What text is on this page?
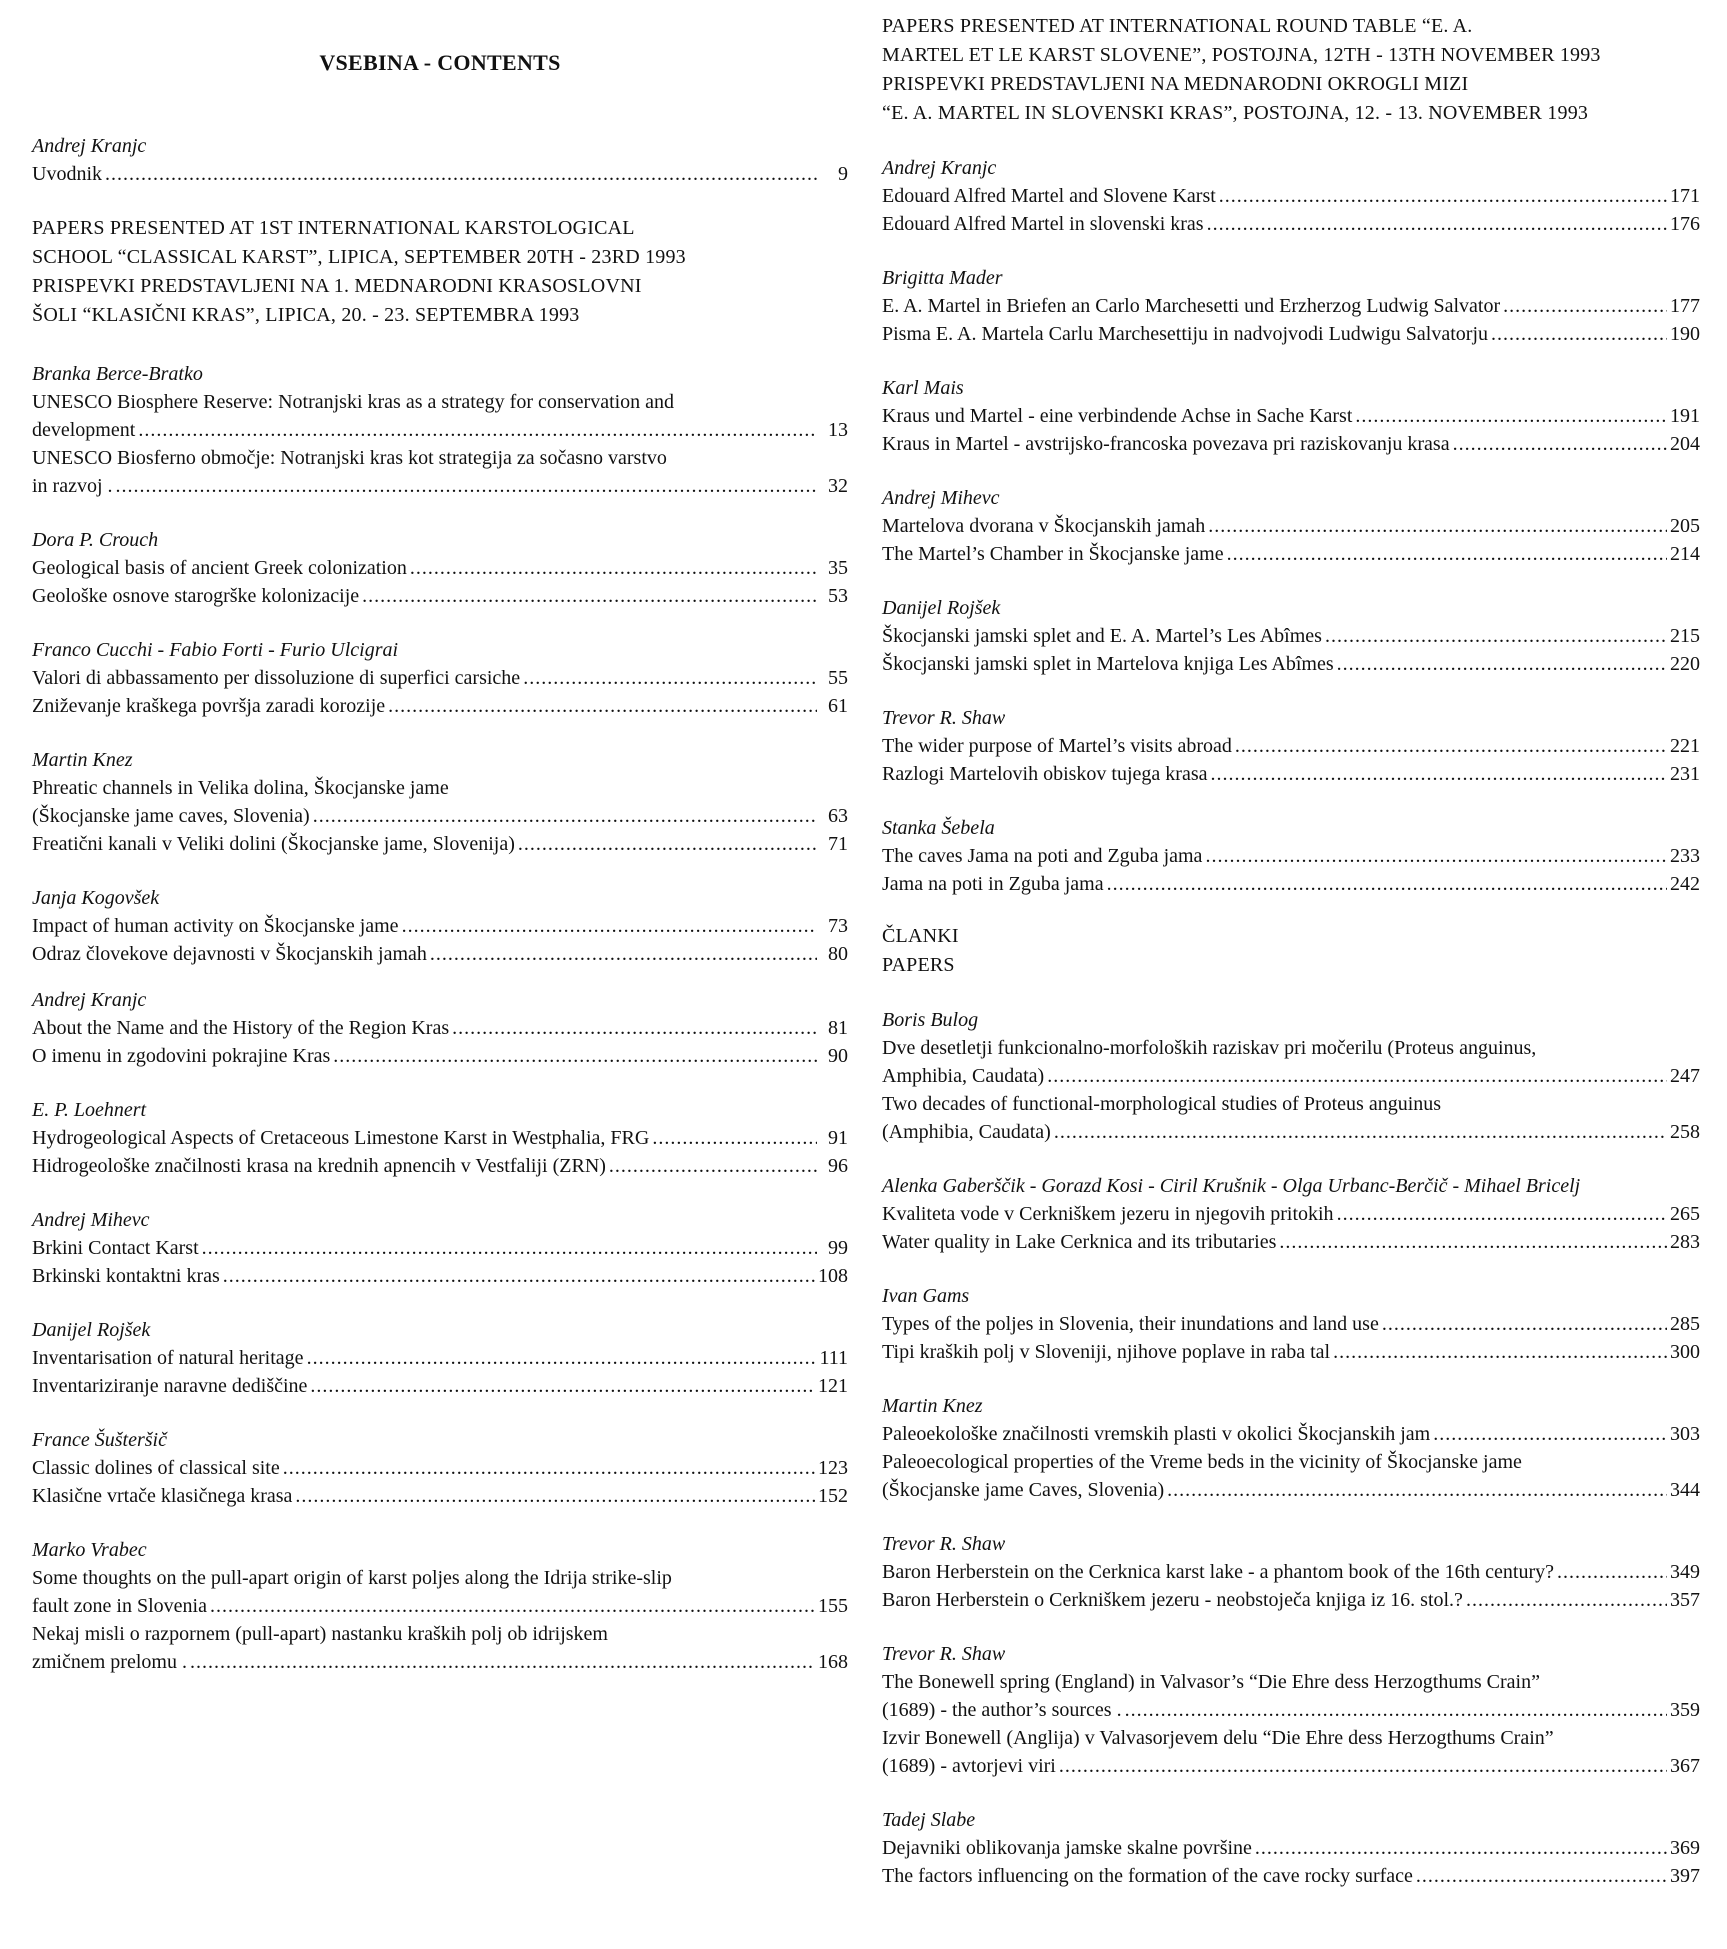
VSEBINA - CONTENTS
Andrej Kranjc
Uvodnik .....	9
PAPERS PRESENTED AT 1ST INTERNATIONAL KARSTOLOGICAL
SCHOOL “CLASSICAL KARST”, LIPICA, SEPTEMBER 20TH - 23RD 1993
PRISPEVKI PREDSTAVLJENI NA 1. MEDNARODNI KRASOSLOVNI
ŠOLI “KLASIČNI KRAS”, LIPICA, 20. - 23. SEPTEMBRA 1993
Branka Berce-Bratko
UNESCO Biosphere Reserve: Notranjski kras as a strategy for conservation and
development .....	13
UNESCO Biosferno območje: Notranjski kras kot strategija za sočasno varstvo
in razvoj . .....	32
Dora P. Crouch
Geological basis of ancient Greek colonization .....	35
Geološke osnove starogrške kolonizacije .....	53
Franco Cucchi - Fabio Forti - Furio Ulcigrai
Valori di abbassamento per dissoluzione di superfici carsiche .....	55
Zniževanje kraškega površja zaradi korozije .....	61
Martin Knez
Phreatic channels in Velika dolina, Škocjanske jame
(Škocjanske jame caves, Slovenia) .....	63
Freatični kanali v Veliki dolini (Škocjanske jame, Slovenija) .....	71
Janja Kogovšek
Impact of human activity on Škocjanske jame .....	73
Odraz človekove dejavnosti v Škocjanskih jamah .....	80
Andrej Kranjc
About the Name and the History of the Region Kras .....	81
O imenu in zgodovini pokrajine Kras .....	90
E. P. Loehnert
Hydrogeological Aspects of Cretaceous Limestone Karst in Westphalia, FRG .....	91
Hidrogeološke značilnosti krasa na krednih apnencih v Vestfaliji (ZRN) .....	96
Andrej Mihevc
Brkini Contact Karst .....	99
Brkinski kontaktni kras .....	108
Danijel Rojšek
Inventarisation of natural heritage .....	111
Inventariziranje naravne dediščine .....	121
France Šušteršič
Classic dolines of classical site .....	123
Klasične vrtače klasičnega krasa .....	152
Marko Vrabec
Some thoughts on the pull-apart origin of karst poljes along the Idrija strike-slip
fault zone in Slovenia .....	155
Nekaj misli o razpornem (pull-apart) nastanku kraških polj ob idrijskem
zmičnem prelomu . .....	168
PAPERS PRESENTED AT INTERNATIONAL ROUND TABLE “E. A.
MARTEL ET LE KARST SLOVENE”, POSTOJNA, 12TH - 13TH NOVEMBER 1993
PRISPEVKI PREDSTAVLJENI NA MEDNARODNI OKROGLI MIZI
“E. A. MARTEL IN SLOVENSKI KRAS”, POSTOJNA, 12. - 13. NOVEMBER 1993
Andrej Kranjc
Edouard Alfred Martel and Slovene Karst .....	171
Edouard Alfred Martel in slovenski kras .....	176
Brigitta Mader
E. A. Martel in Briefen an Carlo Marchesetti und Erzherzog Ludwig Salvator .....	177
Pisma E. A. Martela Carlu Marchesettiju in nadvojvodi Ludwigu Salvatorju .....	190
Karl Mais
Kraus und Martel - eine verbindende Achse in Sache Karst .....	191
Kraus in Martel - avstrijsko-francoska povezava pri raziskovanju krasa .....	204
Andrej Mihevc
Martelova dvorana v Škocjanskih jamah .....	205
The Martel’s Chamber in Škocjanske jame .....	214
Danijel Rojšek
Škocjanski jamski splet and E. A. Martel’s Les Abîmes .....	215
Škocjanski jamski splet in Martelova knjiga Les Abîmes .....	220
Trevor R. Shaw
The wider purpose of Martel’s visits abroad .....	221
Razlogi Martelovih obiskov tujega krasa .....	231
Stanka Šebela
The caves Jama na poti and Zguba jama .....	233
Jama na poti in Zguba jama .....	242
ČLANKI
PAPERS
Boris Bulog
Dve desetletji funkcionalno-morfoloških raziskav pri močerilu (Proteus anguinus,
Amphibia, Caudata) .....	247
Two decades of functional-morphological studies of Proteus anguinus
(Amphibia, Caudata) .....	258
Alenka Gaberščik - Gorazd Kosi - Ciril Krušnik - Olga Urbanc-Berčič - Mihael Bricelj
Kvaliteta vode v Cerkniškem jezeru in njegovih pritokih .....	265
Water quality in Lake Cerknica and its tributaries .....	283
Ivan Gams
Types of the poljes in Slovenia, their inundations and land use .....	285
Tipi kraških polj v Sloveniji, njihove poplave in raba tal .....	300
Martin Knez
Paleoekološke značilnosti vremskih plasti v okolici Škocjanskih jam .....	303
Paleoecological properties of the Vreme beds in the vicinity of Škocjanske jame
(Škocjanske jame Caves, Slovenia) .....	344
Trevor R. Shaw
Baron Herberstein on the Cerknica karst lake - a phantom book of the 16th century? .....	349
Baron Herberstein o Cerkniškem jezeru - neobstoječa knjiga iz 16. stol.? .....	357
Trevor R. Shaw
The Bonewell spring (England) in Valvasor’s “Die Ehre dess Herzogthums Crain”
(1689) - the author’s sources . .....	359
Izvir Bonewell (Anglija) v Valvasorjevem delu “Die Ehre dess Herzogthums Crain”
(1689) - avtorjevi viri .....	367
Tadej Slabe
Dejavniki oblikovanja jamske skalne površine .....	369
The factors influencing on the formation of the cave rocky surface .....	397
